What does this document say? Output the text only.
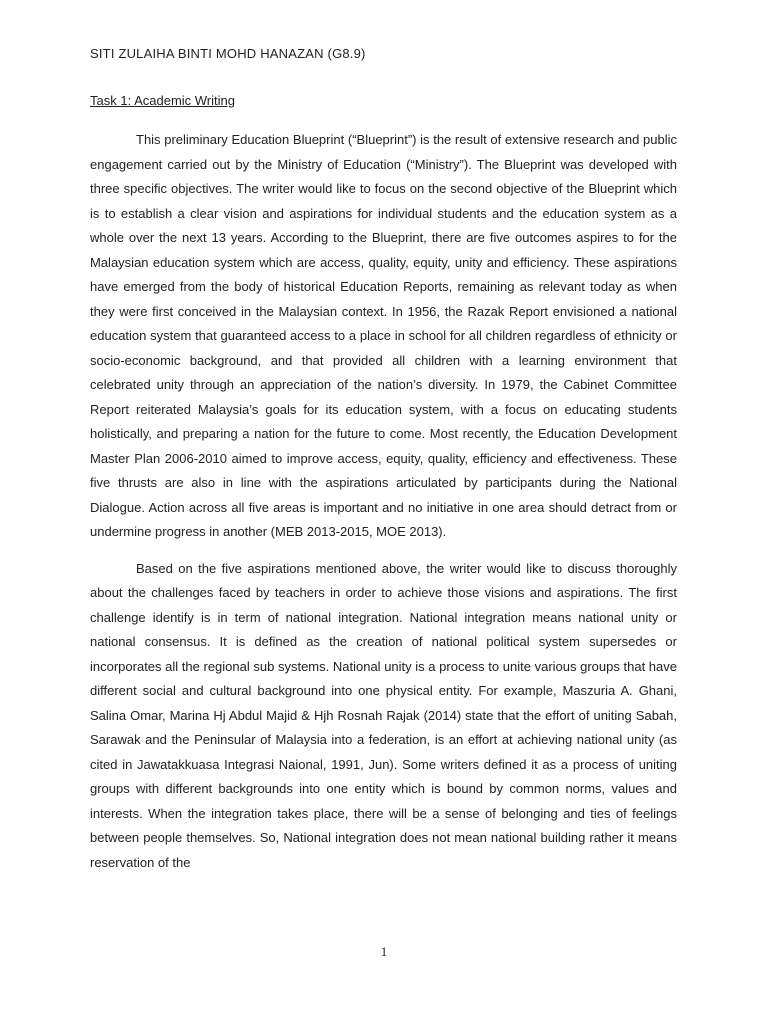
SITI ZULAIHA BINTI MOHD HANAZAN (G8.9)
Task 1: Academic Writing

This preliminary Education Blueprint (“Blueprint”) is the result of extensive research and public engagement carried out by the Ministry of Education (“Ministry”). The Blueprint was developed with three specific objectives. The writer would like to focus on the second objective of the Blueprint which is to establish a clear vision and aspirations for individual students and the education system as a whole over the next 13 years. According to the Blueprint, there are five outcomes aspires to for the Malaysian education system which are access, quality, equity, unity and efficiency. These aspirations have emerged from the body of historical Education Reports, remaining as relevant today as when they were first conceived in the Malaysian context. In 1956, the Razak Report envisioned a national education system that guaranteed access to a place in school for all children regardless of ethnicity or socio-economic background, and that provided all children with a learning environment that celebrated unity through an appreciation of the nation’s diversity. In 1979, the Cabinet Committee Report reiterated Malaysia’s goals for its education system, with a focus on educating students holistically, and preparing a nation for the future to come. Most recently, the Education Development Master Plan 2006-2010 aimed to improve access, equity, quality, efficiency and effectiveness. These five thrusts are also in line with the aspirations articulated by participants during the National Dialogue. Action across all five areas is important and no initiative in one area should detract from or undermine progress in another (MEB 2013-2015, MOE 2013).

Based on the five aspirations mentioned above, the writer would like to discuss thoroughly about the challenges faced by teachers in order to achieve those visions and aspirations. The first challenge identify is in term of national integration. National integration means national unity or national consensus. It is defined as the creation of national political system supersedes or incorporates all the regional sub systems. National unity is a process to unite various groups that have different social and cultural background into one physical entity. For example, Maszuria A. Ghani, Salina Omar, Marina Hj Abdul Majid & Hjh Rosnah Rajak (2014) state that the effort of uniting Sabah, Sarawak and the Peninsular of Malaysia into a federation, is an effort at achieving national unity (as cited in Jawatakkuasa Integrasi Naional, 1991, Jun). Some writers defined it as a process of uniting groups with different backgrounds into one entity which is bound by common norms, values and interests. When the integration takes place, there will be a sense of belonging and ties of feelings between people themselves. So, National integration does not mean national building rather it means reservation of the

1
